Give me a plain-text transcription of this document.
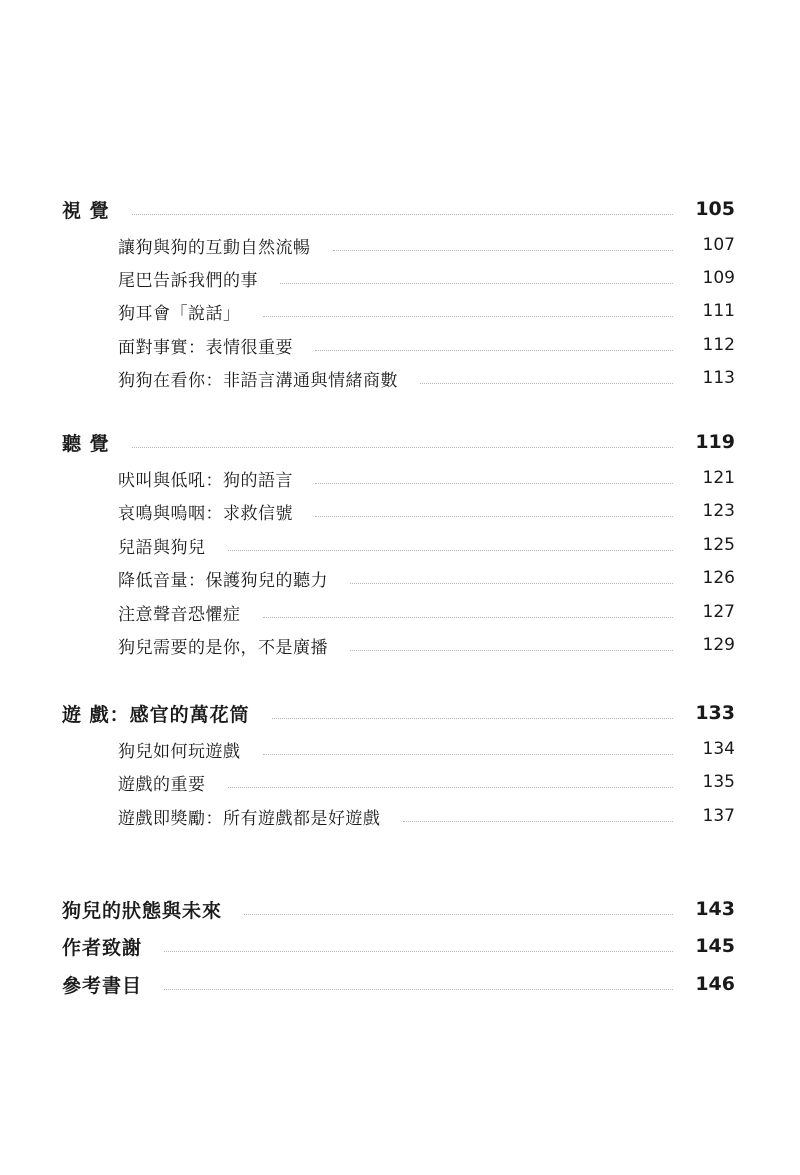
視 覺	105
讓狗與狗的互動自然流暢	107
尾巴告訴我們的事	109
狗耳會「說話」	111
面對事實：表情很重要	112
狗狗在看你：非語言溝通與情緒商數	113
聽 覺	119
吠叫與低吼：狗的語言	121
哀鳴與嗚咽：求救信號	123
兒語與狗兒	125
降低音量：保護狗兒的聽力	126
注意聲音恐懼症	127
狗兒需要的是你，不是廣播	129
遊 戲：感官的萬花筒	133
狗兒如何玩遊戲	134
遊戲的重要	135
遊戲即獎勵：所有遊戲都是好遊戲	137
狗兒的狀態與未來	143
作者致謝	145
參考書目	146
